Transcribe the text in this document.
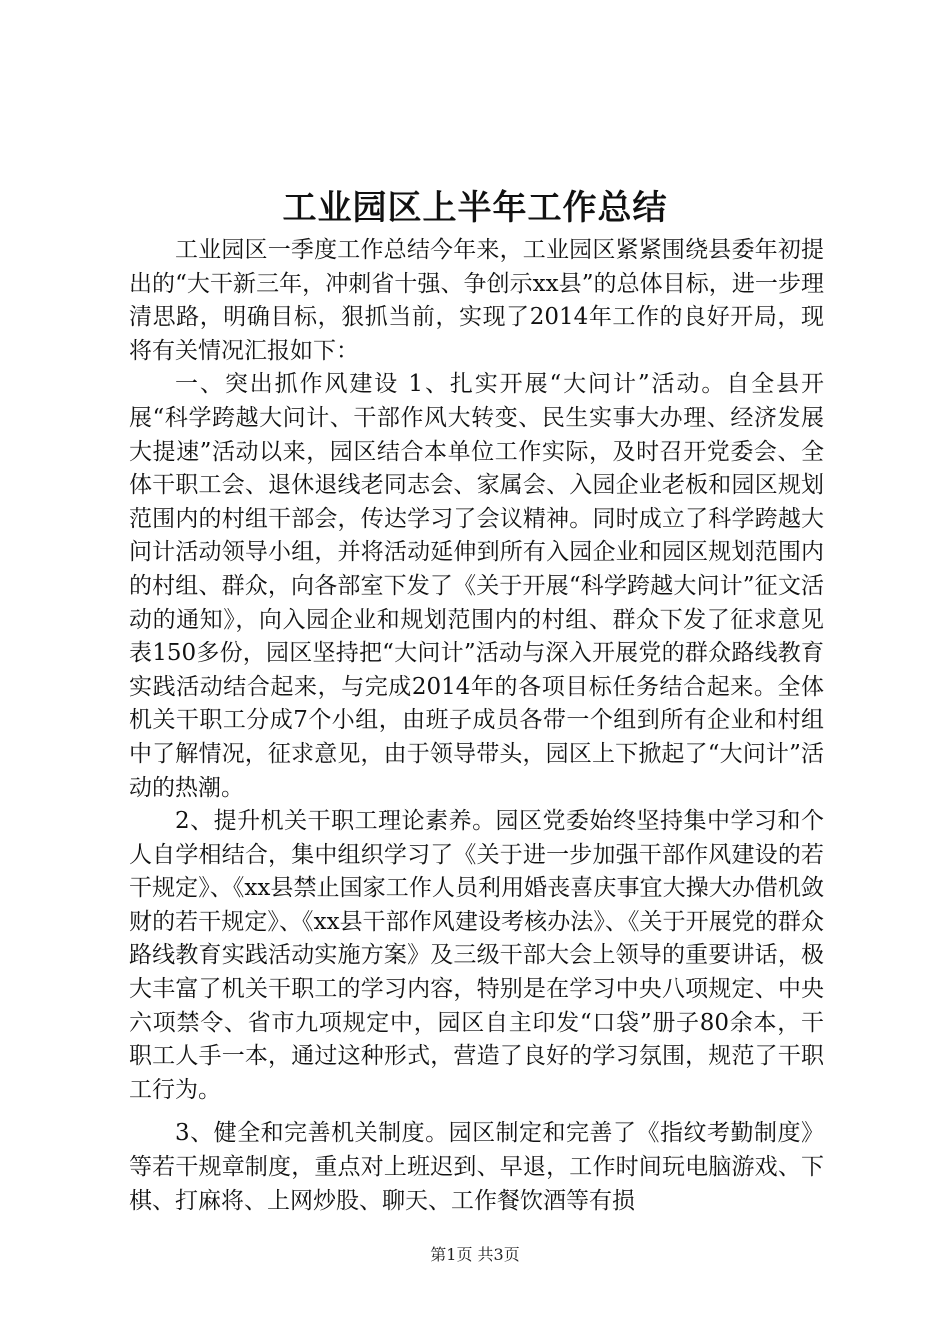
工业园区上半年工作总结

工业园区一季度工作总结今年来，工业园区紧紧围绕县委年初提出的“大干新三年，冲刺省十强、争创示xx县”的总体目标，进一步理清思路，明确目标，狠抓当前，实现了2014年工作的良好开局，现将有关情况汇报如下：

一、突出抓作风建设 1、扎实开展“大问计”活动。自全县开展“科学跨越大问计、干部作风大转变、民生实事大办理、经济发展大提速”活动以来，园区结合本单位工作实际，及时召开党委会、全体干职工会、退休退线老同志会、家属会、入园企业老板和园区规划范围内的村组干部会，传达学习了会议精神。同时成立了科学跨越大问计活动领导小组，并将活动延伸到所有入园企业和园区规划范围内的村组、群众，向各部室下发了《关于开展“科学跨越大问计”征文活动的通知》，向入园企业和规划范围内的村组、群众下发了征求意见表150多份，园区坚持把“大问计”活动与深入开展党的群众路线教育实践活动结合起来，与完成2014年的各项目标任务结合起来。全体机关干职工分成7个小组，由班子成员各带一个组到所有企业和村组中了解情况，征求意见，由于领导带头，园区上下掀起了“大问计”活动的热潮。

2、提升机关干职工理论素养。园区党委始终坚持集中学习和个人自学相结合，集中组织学习了《关于进一步加强干部作风建设的若干规定》、《xx县禁止国家工作人员利用婚丧喜庆事宜大操大办借机敛财的若干规定》、《xx县干部作风建设考核办法》、《关于开展党的群众路线教育实践活动实施方案》及三级干部大会上领导的重要讲话，极大丰富了机关干职工的学习内容，特别是在学习中央八项规定、中央六项禁令、省市九项规定中，园区自主印发“口袋”册子80余本，干职工人手一本，通过这种形式，营造了良好的学习氛围，规范了干职工行为。

3、健全和完善机关制度。园区制定和完善了《指纹考勤制度》等若干规章制度，重点对上班迟到、早退，工作时间玩电脑游戏、下棋、打麻将、上网炒股、聊天、工作餐饮酒等有损

第1页 共3页
